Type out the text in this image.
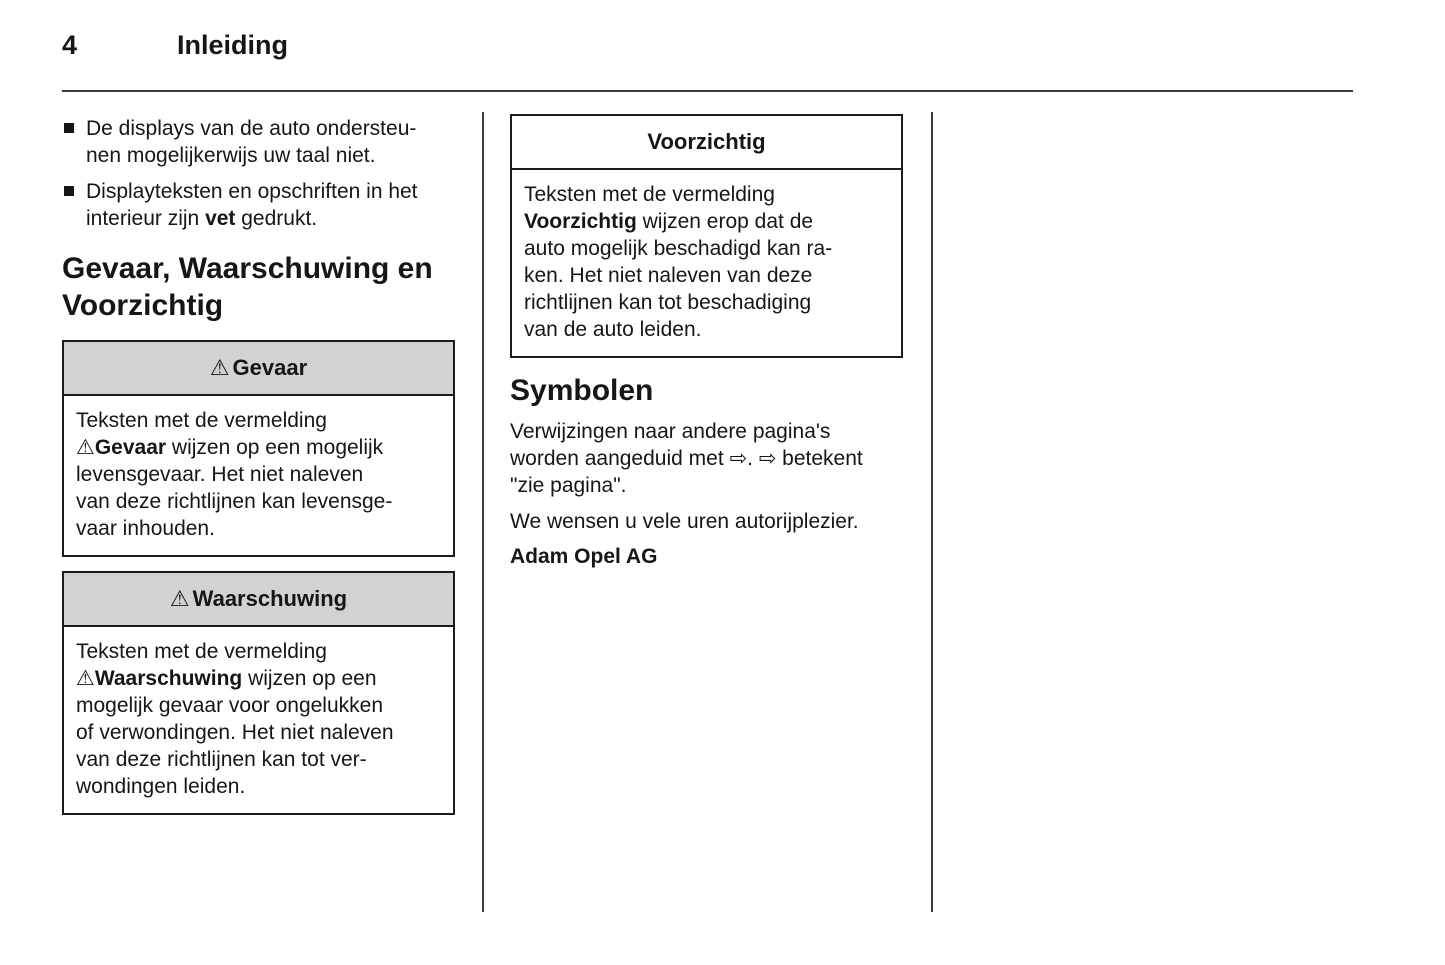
4	Inleiding
De displays van de auto ondersteu-
nen mogelijkerwijs uw taal niet.
Displayteksten en opschriften in het
interieur zijn vet gedrukt.
Gevaar, Waarschuwing en
Voorzichtig
⚠ Gevaar
Teksten met de vermelding
⚠Gevaar wijzen op een mogelijk
levensgevaar. Het niet naleven
van deze richtlijnen kan levensge-
vaar inhouden.
⚠ Waarschuwing
Teksten met de vermelding
⚠Waarschuwing wijzen op een
mogelijk gevaar voor ongelukken
of verwondingen. Het niet naleven
van deze richtlijnen kan tot ver-
wondingen leiden.
Voorzichtig
Teksten met de vermelding
Voorzichtig wijzen erop dat de
auto mogelijk beschadigd kan ra-
ken. Het niet naleven van deze
richtlijnen kan tot beschadiging
van de auto leiden.
Symbolen
Verwijzingen naar andere pagina's
worden aangeduid met ⇨. ⇨ betekent
"zie pagina".
We wensen u vele uren autorijplezier.
Adam Opel AG
